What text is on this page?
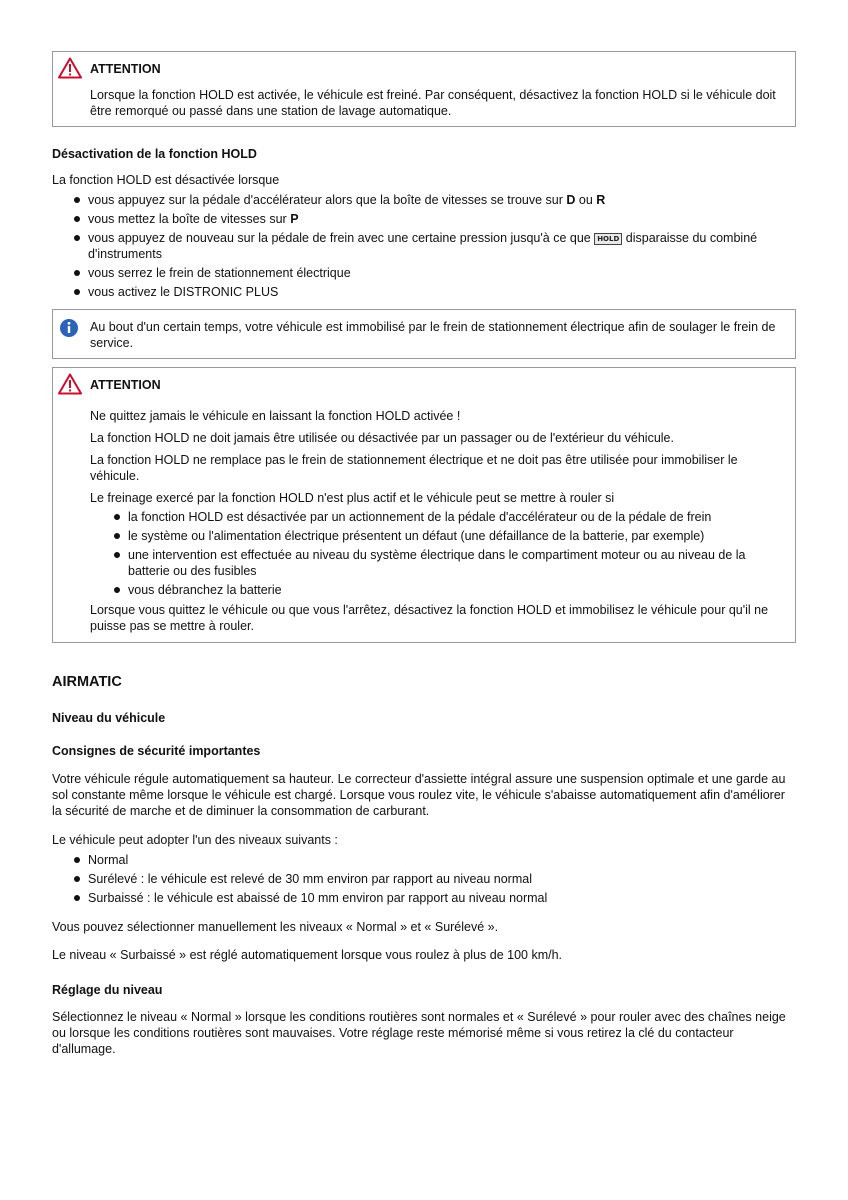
ATTENTION

Lorsque la fonction HOLD est activée, le véhicule est freiné. Par conséquent, désactivez la fonction HOLD si le véhicule doit être remorqué ou passé dans une station de lavage automatique.

Désactivation de la fonction HOLD

La fonction HOLD est désactivée lorsque

vous appuyez sur la pédale d'accélérateur alors que la boîte de vitesses se trouve sur D ou R
vous mettez la boîte de vitesses sur P
vous appuyez de nouveau sur la pédale de frein avec une certaine pression jusqu'à ce que HOLD disparaisse du combiné d'instruments
vous serrez le frein de stationnement électrique
vous activez le DISTRONIC PLUS

Au bout d'un certain temps, votre véhicule est immobilisé par le frein de stationnement électrique afin de soulager le frein de service.

ATTENTION

Ne quittez jamais le véhicule en laissant la fonction HOLD activée !

La fonction HOLD ne doit jamais être utilisée ou désactivée par un passager ou de l'extérieur du véhicule.

La fonction HOLD ne remplace pas le frein de stationnement électrique et ne doit pas être utilisée pour immobiliser le véhicule.

Le freinage exercé par la fonction HOLD n'est plus actif et le véhicule peut se mettre à rouler si

la fonction HOLD est désactivée par un actionnement de la pédale d'accélérateur ou de la pédale de frein
le système ou l'alimentation électrique présentent un défaut (une défaillance de la batterie, par exemple)
une intervention est effectuée au niveau du système électrique dans le compartiment moteur ou au niveau de la batterie ou des fusibles
vous débranchez la batterie

Lorsque vous quittez le véhicule ou que vous l'arrêtez, désactivez la fonction HOLD et immobilisez le véhicule pour qu'il ne puisse pas se mettre à rouler.

AIRMATIC
Niveau du véhicule
Consignes de sécurité importantes

Votre véhicule régule automatiquement sa hauteur. Le correcteur d'assiette intégral assure une suspension optimale et une garde au sol constante même lorsque le véhicule est chargé. Lorsque vous roulez vite, le véhicule s'abaisse automatiquement afin d'améliorer la sécurité de marche et de diminuer la consommation de carburant.

Le véhicule peut adopter l'un des niveaux suivants :

Normal
Surélevé : le véhicule est relevé de 30 mm environ par rapport au niveau normal
Surbaissé : le véhicule est abaissé de 10 mm environ par rapport au niveau normal

Vous pouvez sélectionner manuellement les niveaux « Normal » et « Surélevé ».

Le niveau « Surbaissé » est réglé automatiquement lorsque vous roulez à plus de 100 km/h.

Réglage du niveau

Sélectionnez le niveau « Normal » lorsque les conditions routières sont normales et « Surélevé » pour rouler avec des chaînes neige ou lorsque les conditions routières sont mauvaises. Votre réglage reste mémorisé même si vous retirez la clé du contacteur d'allumage.
